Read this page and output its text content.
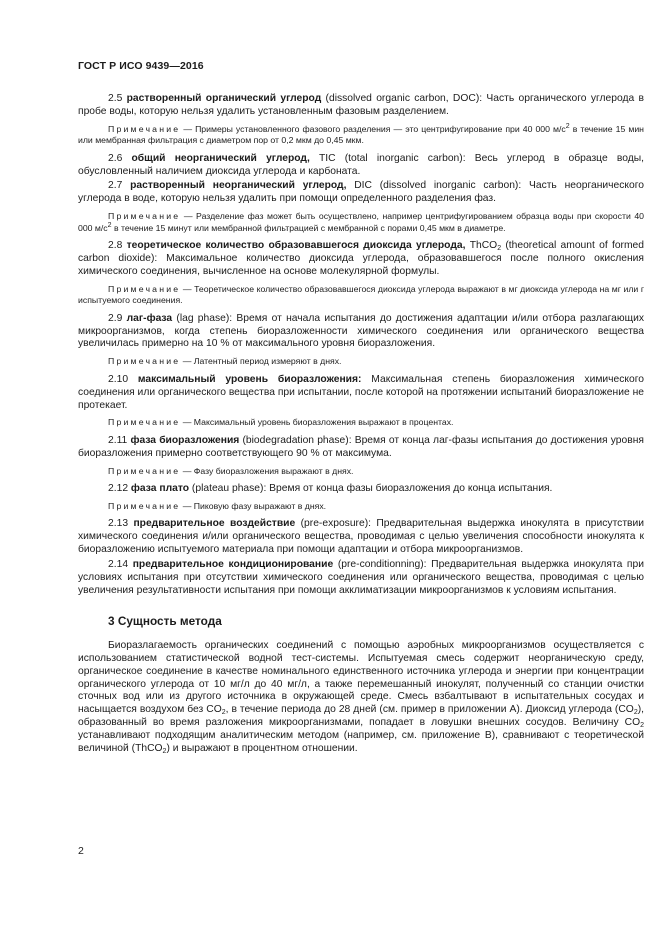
ГОСТ Р ИСО 9439—2016

2.5 растворенный органический углерод (dissolved organic carbon, DOC): Часть органического углерода в пробе воды, которую нельзя удалить установленным фазовым разделением.

Примечание — Примеры установленного фазового разделения — это центрифугирование при 40 000 $м/с^2$ в течение 15 мин или мембранная фильтрация с диаметром пор от 0,2 мкм до 0,45 мкм.

2.6 общий неорганический углерод, TIC (total inorganic carbon): Весь углерод в образце воды, обусловленный наличием диоксида углерода и карбоната.

2.7 растворенный неорганический углерод, DIC (dissolved inorganic carbon): Часть неорганического углерода в воде, которую нельзя удалить при помощи определенного разделения фаз.

Примечание — Разделение фаз может быть осуществлено, например центрифугированием образца воды при скорости 40 000 $м/с^2$ в течение 15 минут или мембранной фильтрацией с мембранной с порами 0,45 мкм в диаметре.

2.8 теоретическое количество образовавшегося диоксида углерода, ThCO$_2$ (theoretical amount of formed carbon dioxide): Максимальное количество диоксида углерода, образовавшегося после полного окисления химического соединения, вычисленное на основе молекулярной формулы.

Примечание — Теоретическое количество образовавшегося диоксида углерода выражают в мг диоксида углерода на мг или г испытуемого соединения.

2.9 лаг-фаза (lag phase): Время от начала испытания до достижения адаптации и/или отбора разлагающих микроорганизмов, когда степень биоразложенности химического соединения или органического вещества увеличилась примерно на 10 % от максимального уровня биоразложения.

Примечание — Латентный период измеряют в днях.

2.10 максимальный уровень биоразложения: Максимальная степень биоразложения химического соединения или органического вещества при испытании, после которой на протяжении испытаний биоразложение не протекает.

Примечание — Максимальный уровень биоразложения выражают в процентах.

2.11 фаза биоразложения (biodegradation phase): Время от конца лаг-фазы испытания до достижения уровня биоразложения примерно соответствующего 90 % от максимума.

Примечание — Фазу биоразложения выражают в днях.

2.12 фаза плато (plateau phase): Время от конца фазы биоразложения до конца испытания.

Примечание — Пиковую фазу выражают в днях.

2.13 предварительное воздействие (pre-exposure): Предварительная выдержка инокулята в присутствии химического соединения и/или органического вещества, проводимая с целью увеличения способности инокулята к биоразложению испытуемого материала при помощи адаптации и отбора микроорганизмов.

2.14 предварительное кондиционирование (pre-conditionning): Предварительная выдержка инокулята при условиях испытания при отсутствии химического соединения или органического вещества, проводимая с целью увеличения результативности испытания при помощи акклиматизации микроорганизмов к условиям испытания.

3 Сущность метода

Биоразлагаемость органических соединений с помощью аэробных микроорганизмов осуществляется с использованием статистической водной тест-системы. Испытуемая смесь содержит неорганическую среду, органическое соединение в качестве номинального единственного источника углерода и энергии при концентрации органического углерода от 10 мг/л до 40 мг/л, а также перемешанный инокулят, полученный со станции очистки сточных вод или из другого источника в окружающей среде. Смесь взбалтывают в испытательных сосудах и насыщается воздухом без $CO_2$, в течение периода до 28 дней (см. пример в приложении А). Диоксид углерода $(CO_2)$, образованный во время разложения микроорганизмами, попадает в ловушки внешних сосудов. Величину $CO_2$ устанавливают подходящим аналитическим методом (например, см. приложение В), сравнивают с теоретической величиной (ThCO$_2$) и выражают в процентном отношении.

2
